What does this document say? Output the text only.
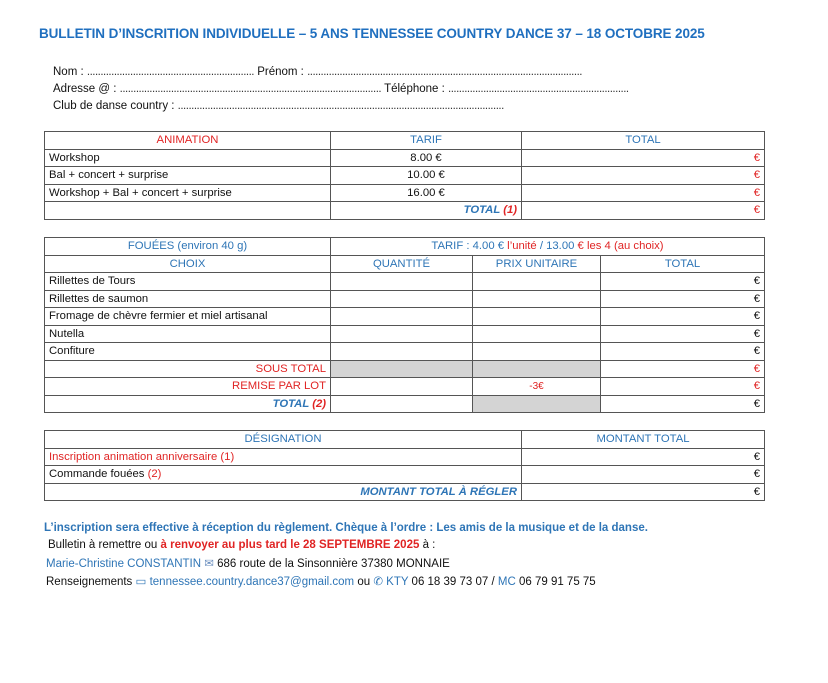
BULLETIN D’INSCRITION INDIVIDUELLE – 5 ANS TENNESSEE COUNTRY DANCE 37 – 18 OCTOBRE 2025
Nom : .............................................................. Prénom : ......................................................................................................
Adresse @ : ................................................................................................. Téléphone : ...................................................................
Club de danse country : .........................................................................................................................
ANIMATION	TARIF	TOTAL
Workshop	8.00 €	€
Bal + concert + surprise	10.00 €	€
Workshop + Bal + concert + surprise	16.00 €	€
	TOTAL (1)	€
FOUÉES (environ 40 g)	TARIF : 4.00 € l’unité / 13.00 € les 4 (au choix)		
CHOIX	QUANTITÉ	PRIX UNITAIRE	TOTAL
Rillettes de Tours			€
Rillettes de saumon			€
Fromage de chèvre fermier et miel artisanal			€
Nutella			€
Confiture			€
SOUS TOTAL			€
REMISE PAR LOT		-3€	€
TOTAL (2)			€
DÉSIGNATION	MONTANT TOTAL
Inscription animation anniversaire (1)	€
Commande fouées (2)	€
MONTANT TOTAL À RÉGLER	€
L’inscription sera effective à réception du règlement. Chèque à l’ordre : Les amis de la musique et de la danse.
Bulletin à remettre ou à renvoyer au plus tard le 28 SEPTEMBRE 2025 à :
Marie-Christine CONSTANTIN ✉ 686 route de la Sinsonnière 37380 MONNAIE
Renseignements ▭ tennessee.country.dance37@gmail.com ou ✆ KTY 06 18 39 73 07 / MC 06 79 91 75 75
